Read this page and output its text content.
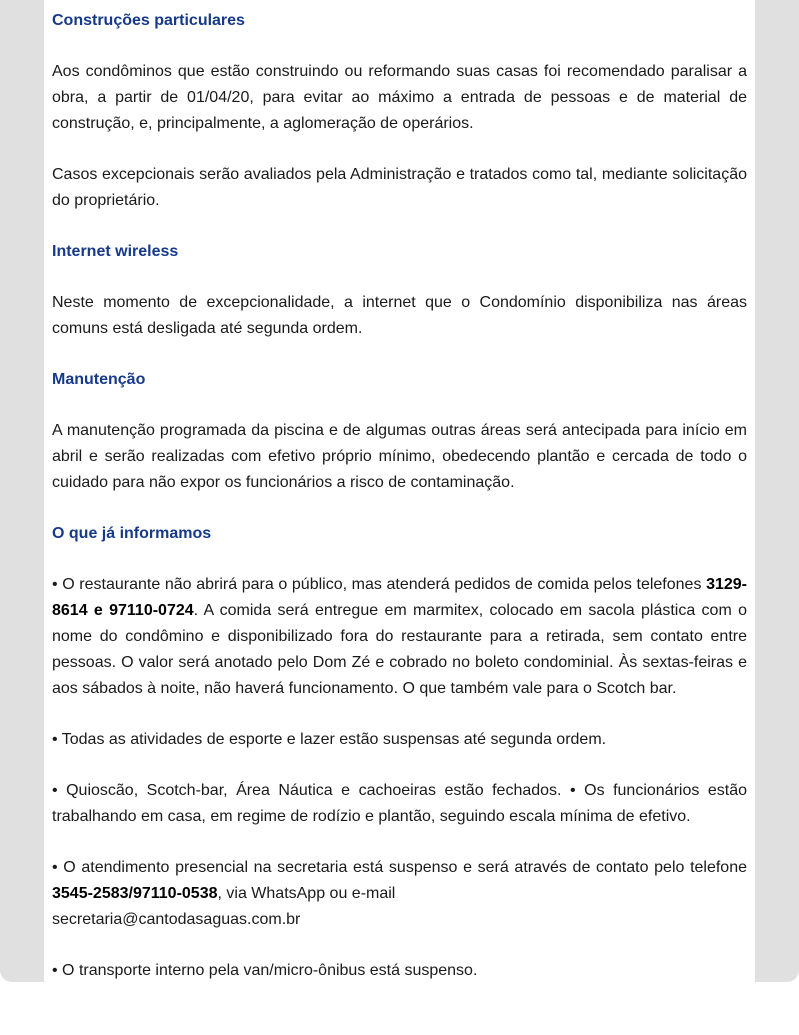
Construções particulares

Aos condôminos que estão construindo ou reformando suas casas foi recomendado paralisar a obra, a partir de 01/04/20, para evitar ao máximo a entrada de pessoas e de material de construção, e, principalmente, a aglomeração de operários.

Casos excepcionais serão avaliados pela Administração e tratados como tal, mediante solicitação do proprietário.

Internet wireless

Neste momento de excepcionalidade, a internet que o Condomínio disponibiliza nas áreas comuns está desligada até segunda ordem.

Manutenção

A manutenção programada da piscina e de algumas outras áreas será antecipada para início em abril e serão realizadas com efetivo próprio mínimo, obedecendo plantão e cercada de todo o cuidado para não expor os funcionários a risco de contaminação.

O que já informamos

• O restaurante não abrirá para o público, mas atenderá pedidos de comida pelos telefones 3129-8614 e 97110-0724. A comida será entregue em marmitex, colocado em sacola plástica com o nome do condômino e disponibilizado fora do restaurante para a retirada, sem contato entre pessoas. O valor será anotado pelo Dom Zé e cobrado no boleto condominial. Às sextas-feiras e aos sábados à noite, não haverá funcionamento. O que também vale para o Scotch bar.

• Todas as atividades de esporte e lazer estão suspensas até segunda ordem.

• Quioscão, Scotch-bar, Área Náutica e cachoeiras estão fechados. • Os funcionários estão trabalhando em casa, em regime de rodízio e plantão, seguindo escala mínima de efetivo.

• O atendimento presencial na secretaria está suspenso e será através de contato pelo telefone 3545-2583/97110-0538, via WhatsApp ou e-mail
secretaria@cantodasaguas.com.br

• O transporte interno pela van/micro-ônibus está suspenso.
